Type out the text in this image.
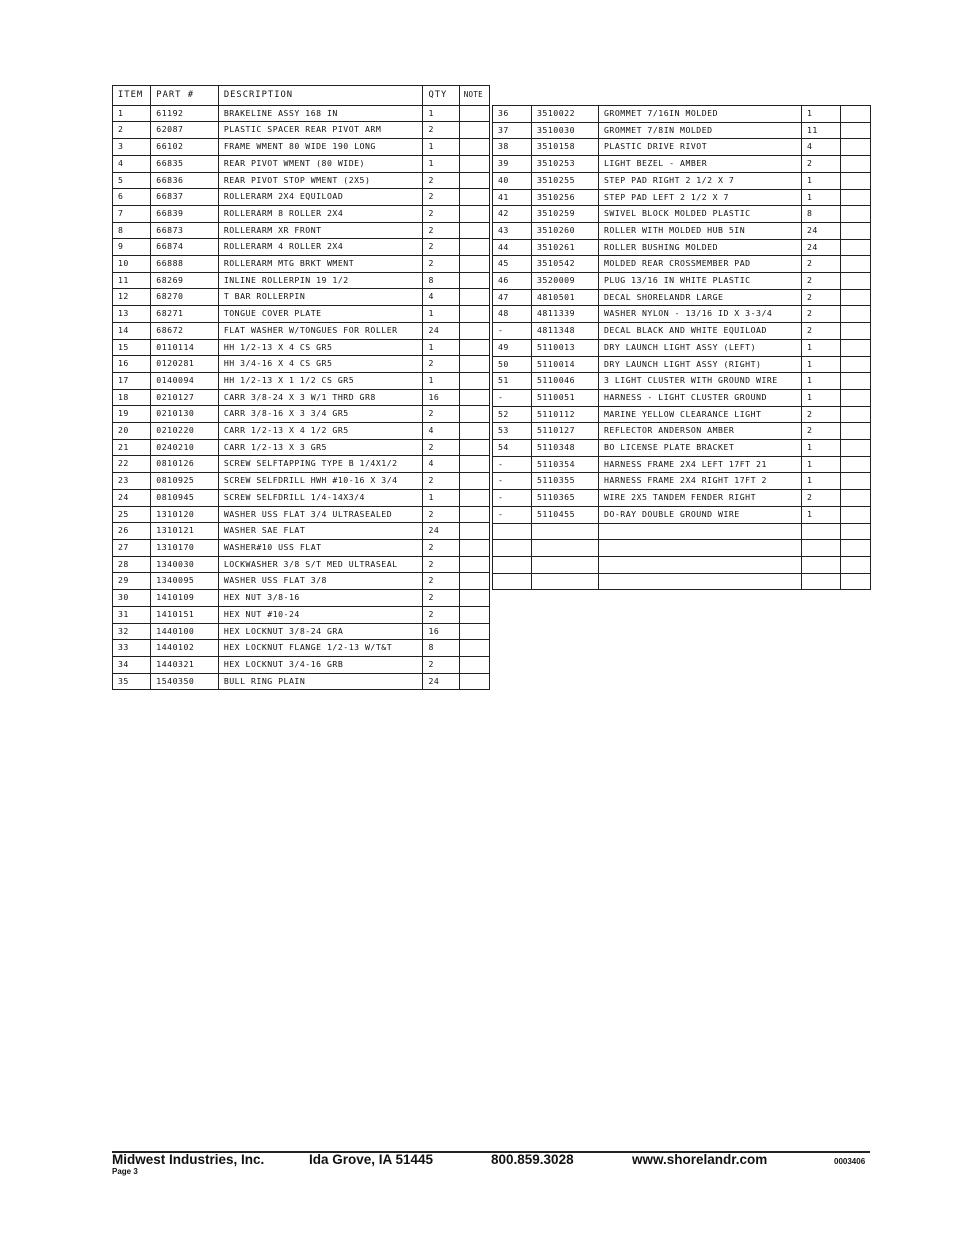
ITEM	PART #	DESCRIPTION	QTY	NOTE
1	61192	BRAKELINE ASSY 168 IN	1	
2	62087	PLASTIC SPACER REAR PIVOT ARM	2	
3	66102	FRAME WMENT 80 WIDE 190 LONG	1	
4	66835	REAR PIVOT WMENT (80 WIDE)	1	
5	66836	REAR PIVOT STOP WMENT (2X5)	2	
6	66837	ROLLERARM 2X4 EQUILOAD	2	
7	66839	ROLLERARM 8 ROLLER 2X4	2	
8	66873	ROLLERARM XR FRONT	2	
9	66874	ROLLERARM 4 ROLLER 2X4	2	
10	66888	ROLLERARM MTG BRKT WMENT	2	
11	68269	INLINE ROLLERPIN 19 1/2	8	
12	68270	T BAR ROLLERPIN	4	
13	68271	TONGUE COVER PLATE	1	
14	68672	FLAT WASHER W/TONGUES FOR ROLLER	24	
15	0110114	HH 1/2-13 X 4 CS GR5	1	
16	0120281	HH 3/4-16 X 4 CS GR5	2	
17	0140094	HH 1/2-13 X 1 1/2 CS GR5	1	
18	0210127	CARR 3/8-24 X 3 W/1 THRD GR8	16	
19	0210130	CARR 3/8-16 X 3 3/4 GR5	2	
20	0210220	CARR 1/2-13 X 4 1/2 GR5	4	
21	0240210	CARR 1/2-13 X 3 GR5	2	
22	0810126	SCREW SELFTAPPING TYPE B 1/4X1/2	4	
23	0810925	SCREW SELFDRILL HWH #10-16 X 3/4	2	
24	0810945	SCREW SELFDRILL 1/4-14X3/4	1	
25	1310120	WASHER USS FLAT 3/4 ULTRASEALED	2	
26	1310121	WASHER SAE FLAT	24	
27	1310170	WASHER#10 USS FLAT	2	
28	1340030	LOCKWASHER 3/8 S/T MED ULTRASEAL	2	
29	1340095	WASHER USS FLAT 3/8	2	
30	1410109	HEX NUT 3/8-16	2	
31	1410151	HEX NUT #10-24	2	
32	1440100	HEX LOCKNUT 3/8-24 GRA	16	
33	1440102	HEX LOCKNUT FLANGE 1/2-13 W/T&T	8	
34	1440321	HEX LOCKNUT 3/4-16 GRB	2	
35	1540350	BULL RING PLAIN	24	
36	3510022	GROMMET 7/16IN MOLDED	1	
37	3510030	GROMMET 7/8IN MOLDED	11	
38	3510158	PLASTIC DRIVE RIVOT	4	
39	3510253	LIGHT BEZEL - AMBER	2	
40	3510255	STEP PAD RIGHT 2 1/2 X 7	1	
41	3510256	STEP PAD LEFT 2 1/2 X 7	1	
42	3510259	SWIVEL BLOCK MOLDED PLASTIC	8	
43	3510260	ROLLER WITH MOLDED HUB 5IN	24	
44	3510261	ROLLER BUSHING MOLDED	24	
45	3510542	MOLDED REAR CROSSMEMBER PAD	2	
46	3520009	PLUG 13/16 IN WHITE PLASTIC	2	
47	4810501	DECAL SHORELANDR LARGE	2	
48	4811339	WASHER NYLON - 13/16 ID X 3-3/4	2	
-	4811348	DECAL BLACK AND WHITE EQUILOAD	2	
49	5110013	DRY LAUNCH LIGHT ASSY (LEFT)	1	
50	5110014	DRY LAUNCH LIGHT ASSY (RIGHT)	1	
51	5110046	3 LIGHT CLUSTER WITH GROUND WIRE	1	
-	5110051	HARNESS - LIGHT CLUSTER GROUND	1	
52	5110112	MARINE YELLOW CLEARANCE LIGHT	2	
53	5110127	REFLECTOR ANDERSON AMBER	2	
54	5110348	BO LICENSE PLATE BRACKET	1	
-	5110354	HARNESS FRAME 2X4 LEFT 17FT 21	1	
-	5110355	HARNESS FRAME 2X4 RIGHT 17FT 2	1	
-	5110365	WIRE 2X5 TANDEM FENDER RIGHT	2	
-	5110455	DO-RAY DOUBLE GROUND WIRE	1	

Midwest Industries, Inc.	Ida Grove, IA 51445	800.859.3028	www.shorelandr.com	0003406
Page 3
